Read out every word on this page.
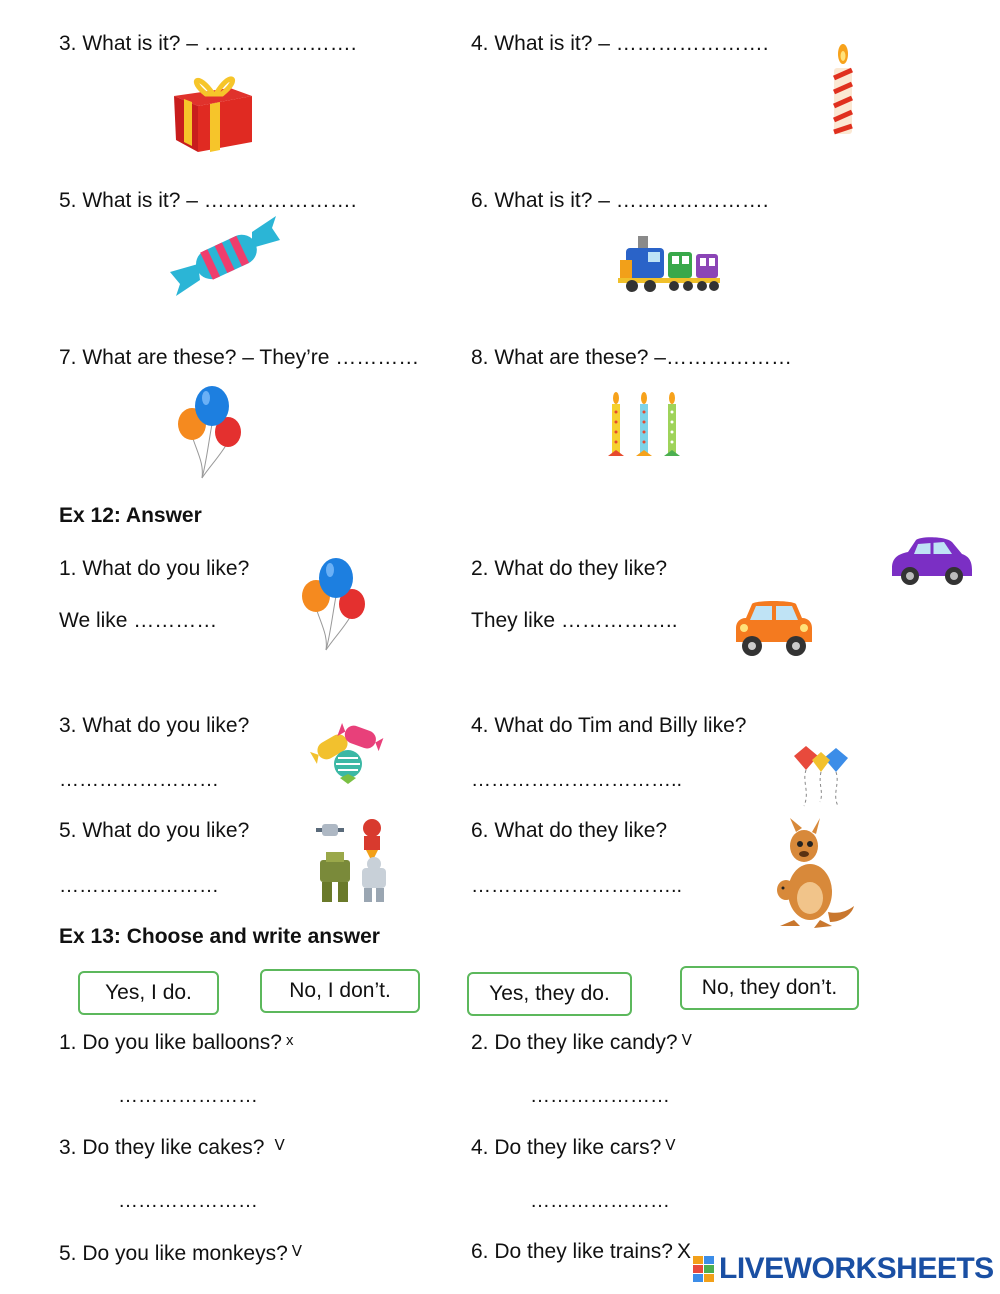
3. What is it? – ………………….	4. What is it? – ………………….
5. What is it? – ………………….	6. What is it? – ………………….
7. What are these? – They’re ………… 8. What are these? –………………
Ex 12: Answer
1. What do you like?
We like …………
2. What do they like?
They like ……………..
3. What do you like?
……………………
4. What do Tim and Billy like?
…………………………..
5. What do you like?
……………………
6. What do they like?
…………………………..
Ex 13: Choose and write answer
Yes, I do.	No, I don’t.	Yes, they do.	No, they don’t.
1. Do you like balloons? x
…………………
2. Do they like candy? ᐯ
…………………
3. Do they like cakes? ᐯ
…………………
4. Do they like cars? ᐯ
…………………
5. Do you like monkeys? ᐯ	6. Do they like trains? X
LIVEWORKSHEETS
